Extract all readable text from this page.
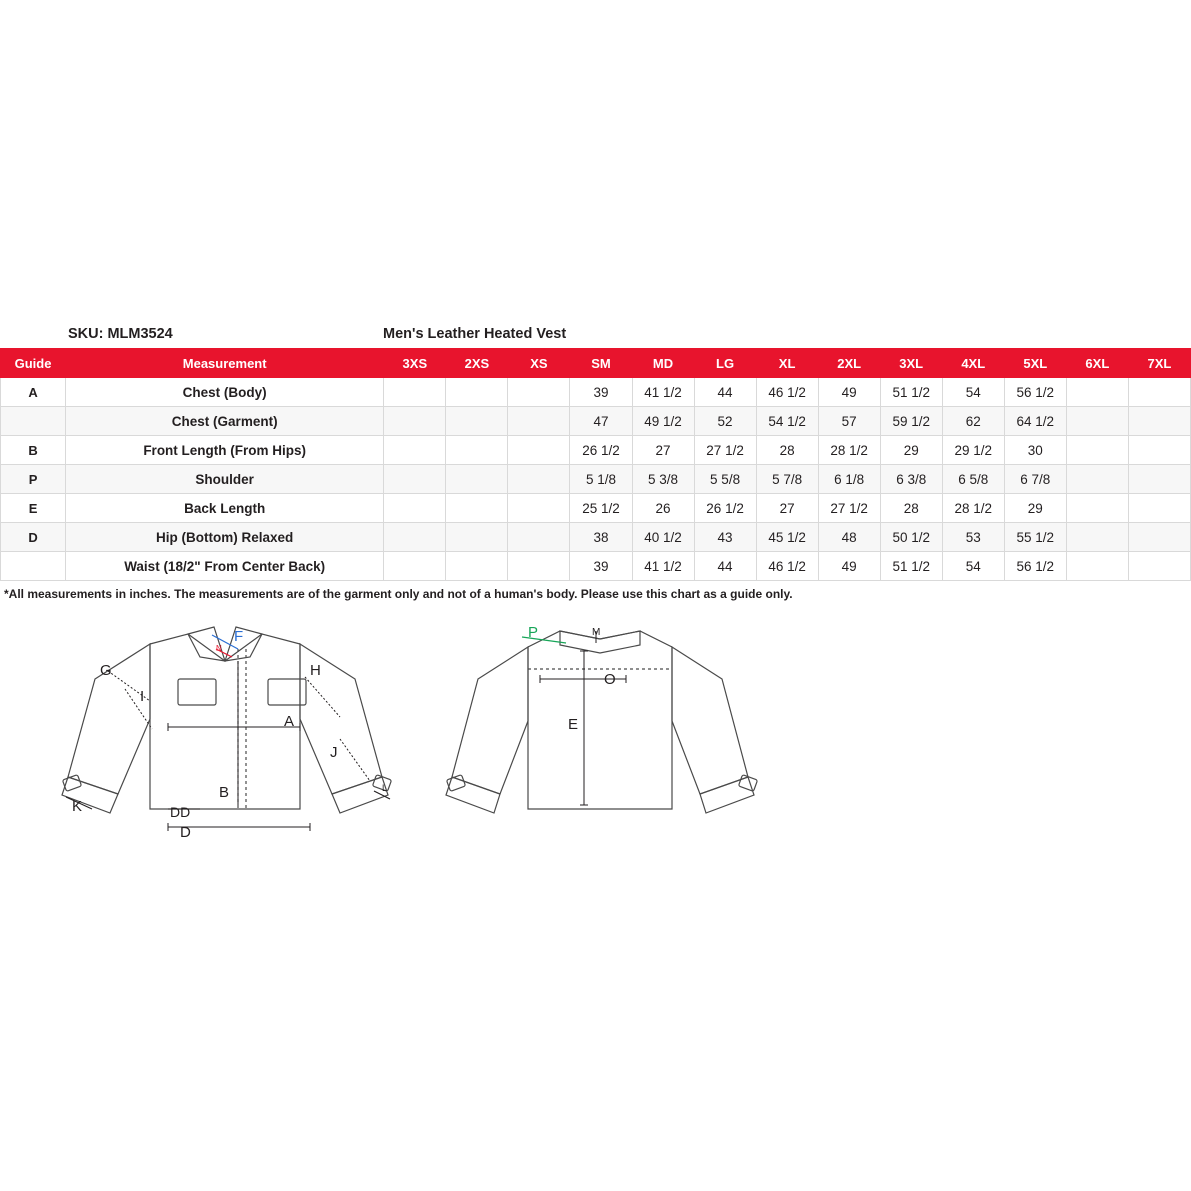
SKU: MLM3524	Men's Leather Heated Vest
Guide	Measurement	3XS	2XS	XS	SM	MD	LG	XL	2XL	3XL	4XL	5XL	6XL	7XL
A	Chest (Body)				39	41 1/2	44	46 1/2	49	51 1/2	54	56 1/2		
	Chest (Garment)				47	49 1/2	52	54 1/2	57	59 1/2	62	64 1/2		
B	Front Length (From Hips)				26 1/2	27	27 1/2	28	28 1/2	29	29 1/2	30		
P	Shoulder				5 1/8	5 3/8	5 5/8	5 7/8	6 1/8	6 3/8	6 5/8	6 7/8		
E	Back Length				25 1/2	26	26 1/2	27	27 1/2	28	28 1/2	29		
D	Hip (Bottom) Relaxed				38	40 1/2	43	45 1/2	48	50 1/2	53	55 1/2		
	Waist (18/2" From Center Back)				39	41 1/2	44	46 1/2	49	51 1/2	54	56 1/2		
*All measurements in inches. The measurements are of the garment only and not of a human's body. Please use this chart as a guide only.
G
I
H
A
J
B
K	DD
D
F
N
L
P	M
O
E
